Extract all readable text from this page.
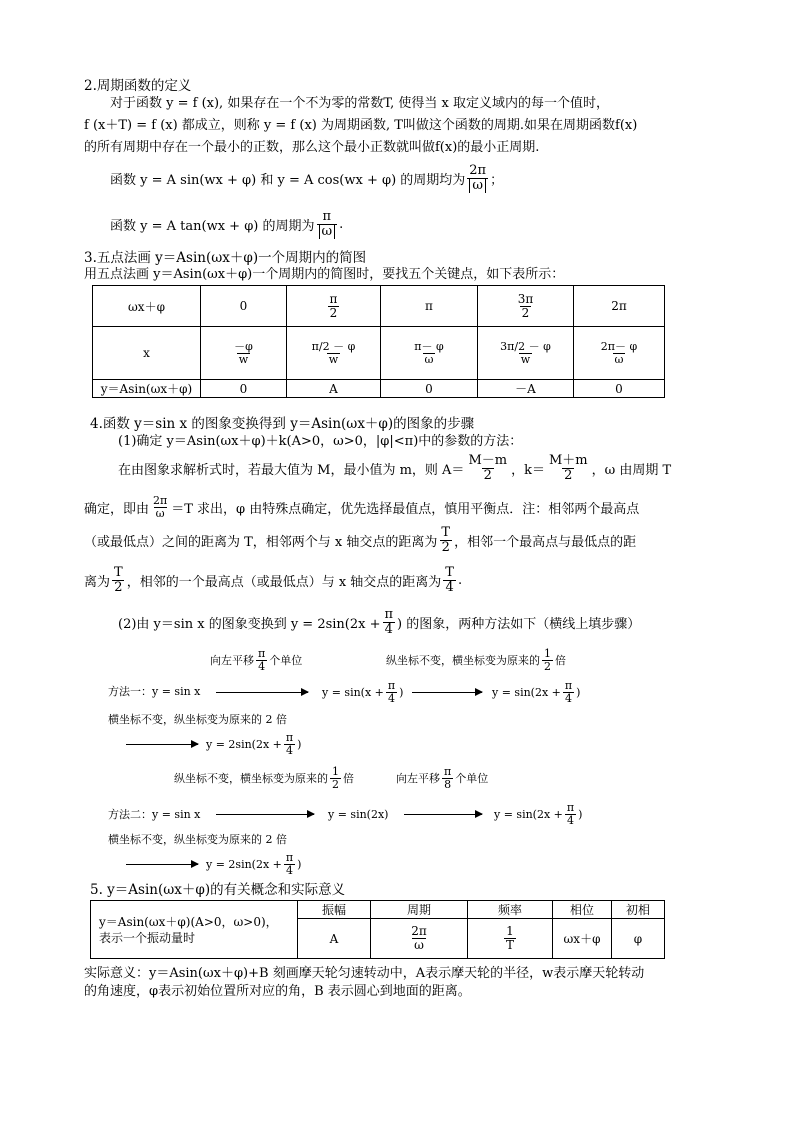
2.周期函数的定义
对于函数 y = f (x), 如果存在一个不为零的常数T, 使得当 x 取定义域内的每一个值时，
f (x＋T) = f (x) 都成立，则称 y = f (x) 为周期函数, T叫做这个函数的周期.如果在周期函数f(x)
的所有周期中存在一个最小的正数，那么这个最小正数就叫做f(x)的最小正周期.
函数 y = A sin(wx + φ) 和 y = A cos(wx + φ) 的周期均为 $\frac{2\pi}{\omega}$ ；
函数 y = A tan(wx + φ) 的周期为 $\frac{\pi}{\omega}$ .
3.五点法画 y＝Asin(ωx＋φ)一个周期内的简图
用五点法画 y＝Asin(ωx＋φ)一个周期内的简图时，要找五个关键点，如下表所示：
ωx＋φ	0	$\frac{\pi}{2}$	π	$\frac{3\pi}{2}$	2π
x	$\frac{-\varphi}{w}$	$\frac{\pi/2 - \varphi}{w}$	$\frac{\pi- \varphi}{\omega}$	$\frac{3\pi/2 - \varphi}{w}$	$\frac{2\pi- \varphi}{\omega}$

y＝Asin(ωx＋φ)	0	A	0	－A	0
4.函数 y＝sin x 的图象变换得到 y＝Asin(ωx＋φ)的图象的步骤
(1)确定 y＝Asin(ωx＋φ)＋k(A>0，ω>0，|φ|<π)中的参数的方法：
在由图象求解析式时，若最大值为 M，最小值为 m，则 $A= \frac{M-m}{2}$ ，$k= \frac{M+m}{2}$ ，ω 由周期 T
确定，即由 $\frac{2\pi}{\omega} =T$ 求出，φ 由特殊点确定，优先选择最值点，慎用平衡点．注：相邻两个最高点
（或最低点）之间的距离为 T，相邻两个与 x 轴交点的距离为 $\frac{T}{2}$ ，相邻一个最高点与最低点的距
离为 $\frac{T}{2}$ ，相邻的一个最高点（或最低点）与 x 轴交点的距离为 $\frac{T}{4}$ .
(2)由 y＝sin x 的图象变换到 $y = 2\sin(2x + \frac{\pi}{4}$ ) 的图象，两种方法如下（横线上填步骤）
向左平移 $\frac{\pi}{4}$ 个单位	纵坐标不变，横坐标变为原来的 $\frac{1}{2}$ 倍
方法一：y = sin x	$y = \sin(x + \frac{\pi}{4}$ )	$y = \sin(2x + \frac{\pi}{4}$ )
横坐标不变，纵坐标变为原来的 2 倍
$y = 2\sin(2x + \frac{\pi}{4}$ )
纵坐标不变，横坐标变为原来的 $\frac{1}{2}$ 倍	向左平移 $\frac{\pi}{8}$ 个单位
方法二：y = sin x	y = sin(2x)	$y = \sin(2x + \frac{\pi}{4}$ )
横坐标不变，纵坐标变为原来的 2 倍
$y = 2\sin(2x + \frac{\pi}{4}$ )
5. y＝Asin(ωx＋φ)的有关概念和实际意义
y＝Asin(ωx＋φ)(A>0，ω>0)，
表示一个振动量时	振幅	周期	频率	相位	初相
	A	$\frac{2\pi}{\omega}$	$\frac{1}{T}$	ωx＋φ	φ
实际意义：y＝Asin(ωx＋φ)+B 刻画摩天轮匀速转动中，A表示摩天轮的半径，w表示摩天轮转动
的角速度，φ表示初始位置所对应的角，B 表示圆心到地面的距离。
